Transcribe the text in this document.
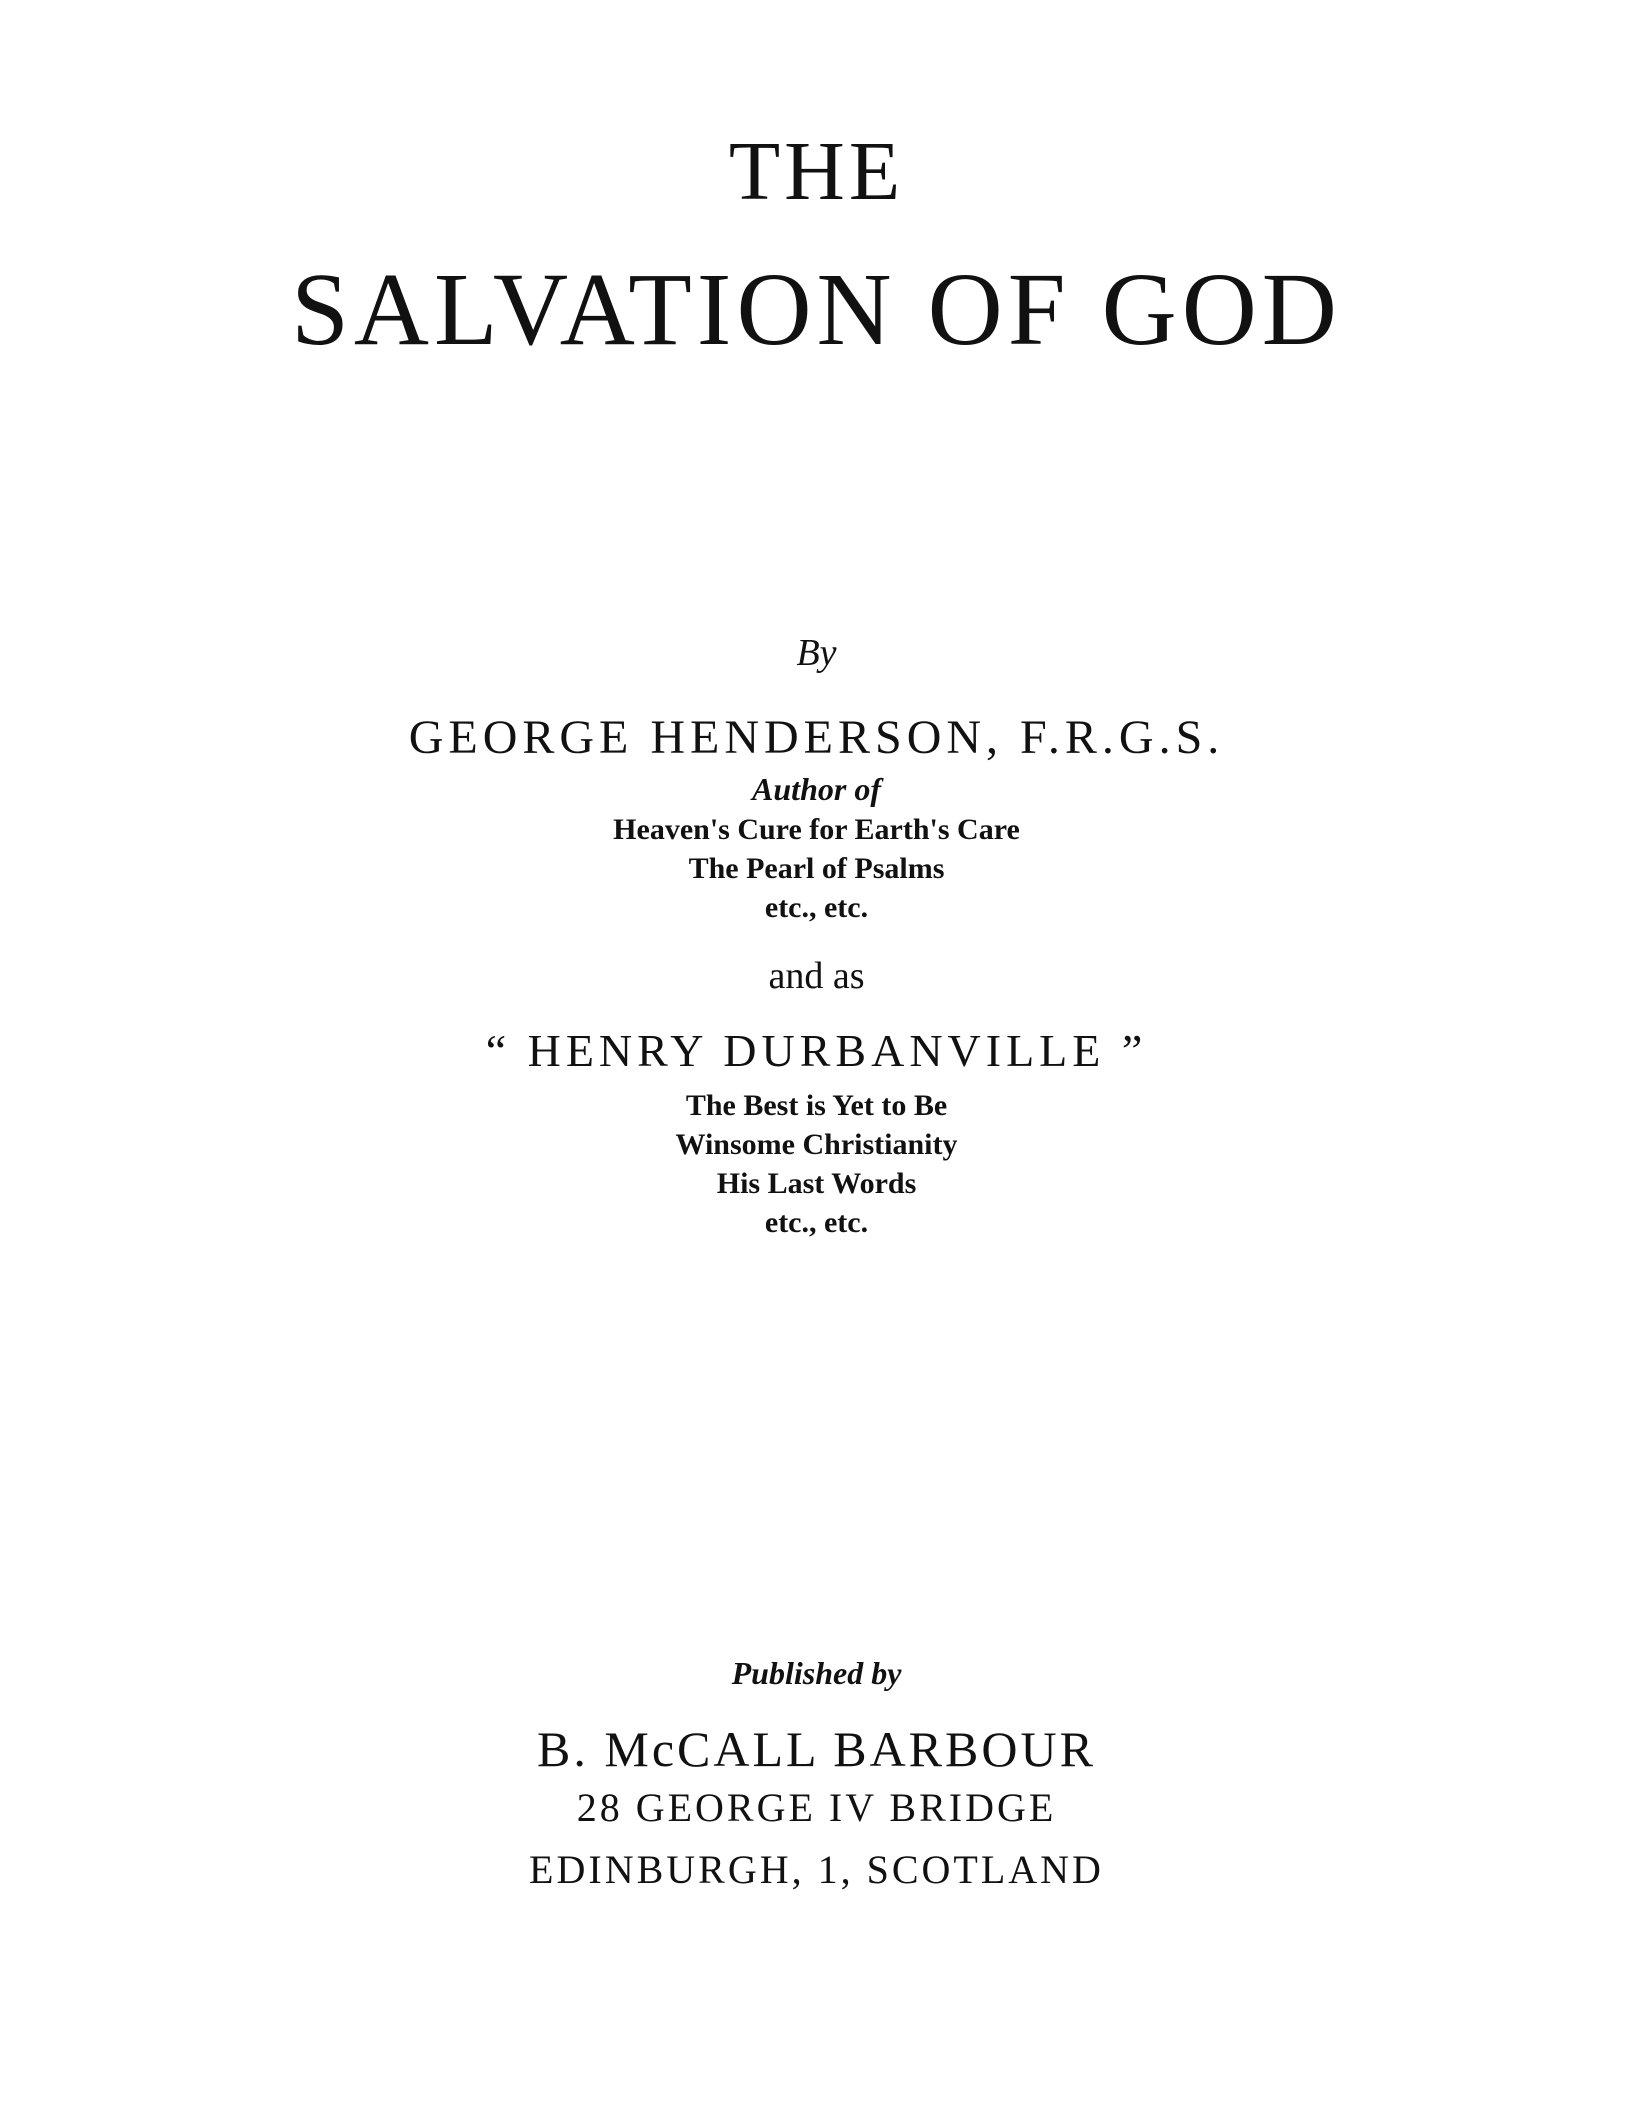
THE
SALVATION OF GOD
By
GEORGE HENDERSON, F.R.G.S.
Author of
Heaven's Cure for Earth's Care
The Pearl of Psalms
etc., etc.
and as
“ HENRY DURBANVILLE ”
The Best is Yet to Be
Winsome Christianity
His Last Words
etc., etc.
Published by
B. McCALL BARBOUR
28 GEORGE IV BRIDGE
EDINBURGH, 1, SCOTLAND
